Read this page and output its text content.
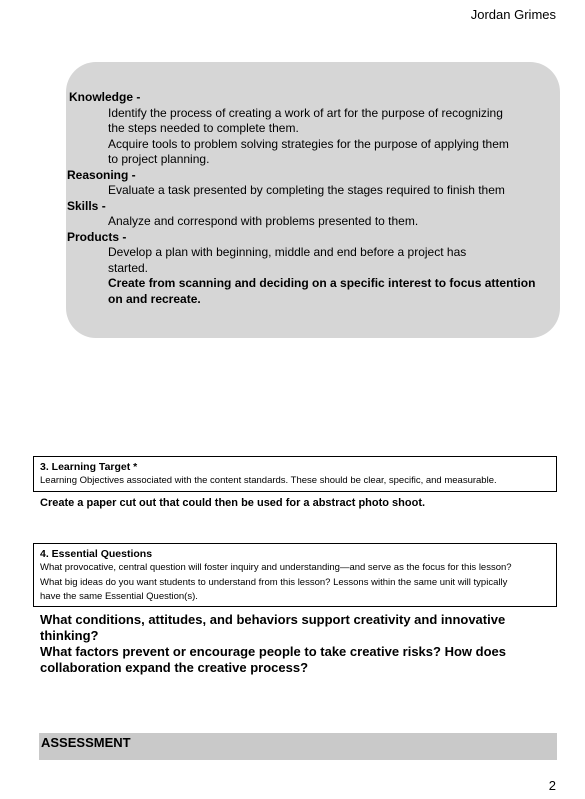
Jordan Grimes
Knowledge -
Identify the process of creating a work of art for the purpose of recognizing
the steps needed to complete them.
Acquire tools to problem solving strategies for the purpose of applying them
to project planning.
Reasoning -
Evaluate a task presented by completing the stages required to finish them
Skills -
Analyze and correspond with problems presented to them.
Products -
Develop a plan with beginning, middle and end before a project has
started.
Create from scanning and deciding on a specific interest to focus attention
on and recreate.
3. Learning Target *
Learning Objectives associated with the content standards. These should be clear, specific, and measurable.
Create a paper cut out that could then be used for a abstract photo shoot.
4. Essential Questions
What provocative, central question will foster inquiry and understanding—and serve as the focus for this lesson?
What big ideas do you want students to understand from this lesson? Lessons within the same unit will typically
have the same Essential Question(s).
What conditions, attitudes, and behaviors support creativity and innovative thinking?
What factors prevent or encourage people to take creative risks? How does
collaboration expand the creative process?
ASSESSMENT
2
